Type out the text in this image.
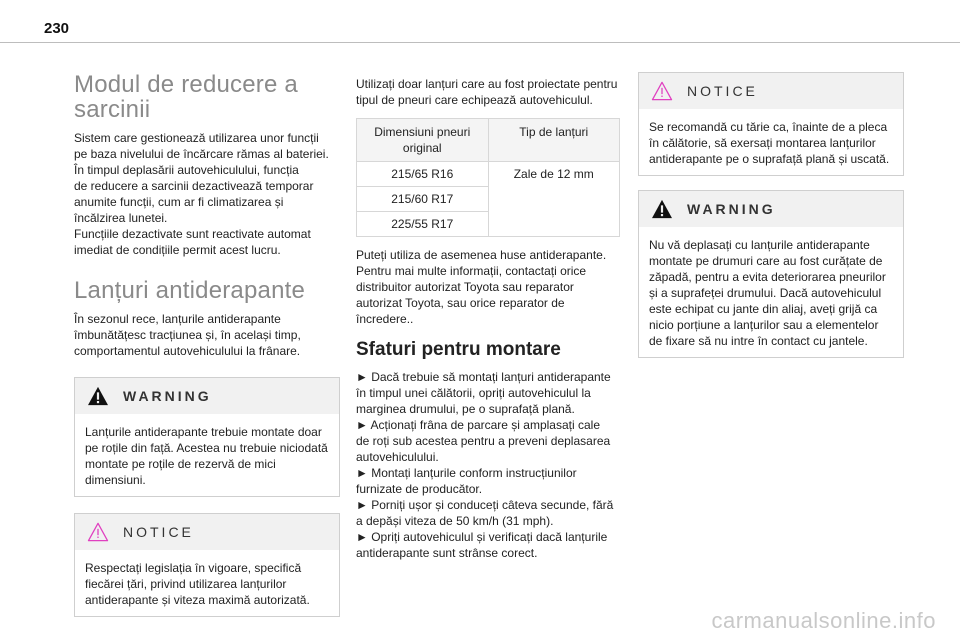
230
Modul de reducere a sarcinii

Sistem care gestionează utilizarea unor funcții
pe baza nivelului de încărcare rămas al bateriei.
În timpul deplasării autovehiculului, funcția
de reducere a sarcinii dezactivează temporar
anumite funcții, cum ar fi climatizarea și
încălzirea lunetei.
Funcțiile dezactivate sunt reactivate automat
imediat de condițiile permit acest lucru.

Lanțuri antiderapante

În sezonul rece, lanțurile antiderapante
îmbunătățesc tracțiunea și, în același timp,
comportamentul autovehiculului la frânare.

WARNING

Lanțurile antiderapante trebuie montate doar
pe roțile din față. Acestea nu trebuie niciodată
montate pe roțile de rezervă de mici
dimensiuni.

NOTICE

Respectați legislația în vigoare, specifică
fiecărei țări, privind utilizarea lanțurilor
antiderapante și viteza maximă autorizată.

Utilizați doar lanțuri care au fost proiectate pentru
tipul de pneuri care echipează autovehiculul.

Dimensiuni pneuri
original	Tip de lanțuri
215/65 R16	Zale de 12 mm
215/60 R17	
225/55 R17	

Puteți utiliza de asemenea huse antiderapante.
Pentru mai multe informații, contactați orice
distribuitor autorizat Toyota sau reparator
autorizat Toyota, sau orice reparator de
încredere..

Sfaturi pentru montare

► Dacă trebuie să montați lanțuri antiderapante
în timpul unei călătorii, opriți autovehiculul la
marginea drumului, pe o suprafață plană.
► Acționați frâna de parcare și amplasați cale
de roți sub acestea pentru a preveni deplasarea
autovehiculului.
► Montați lanțurile conform instrucțiunilor
furnizate de producător.
► Porniți ușor și conduceți câteva secunde, fără
a depăși viteza de 50 km/h (31 mph).
► Opriți autovehiculul și verificați dacă lanțurile
antiderapante sunt strânse corect.

NOTICE

Se recomandă cu tărie ca, înainte de a pleca
în călătorie, să exersați montarea lanțurilor
antiderapante pe o suprafață plană și uscată.

WARNING

Nu vă deplasați cu lanțurile antiderapante
montate pe drumuri care au fost curățate de
zăpadă, pentru a evita deteriorarea pneurilor
și a suprafeței drumului. Dacă autovehiculul
este echipat cu jante din aliaj, aveți grijă ca
nicio porțiune a lanțurilor sau a elementelor
de fixare să nu intre în contact cu jantele.

carmanualsonline.info
